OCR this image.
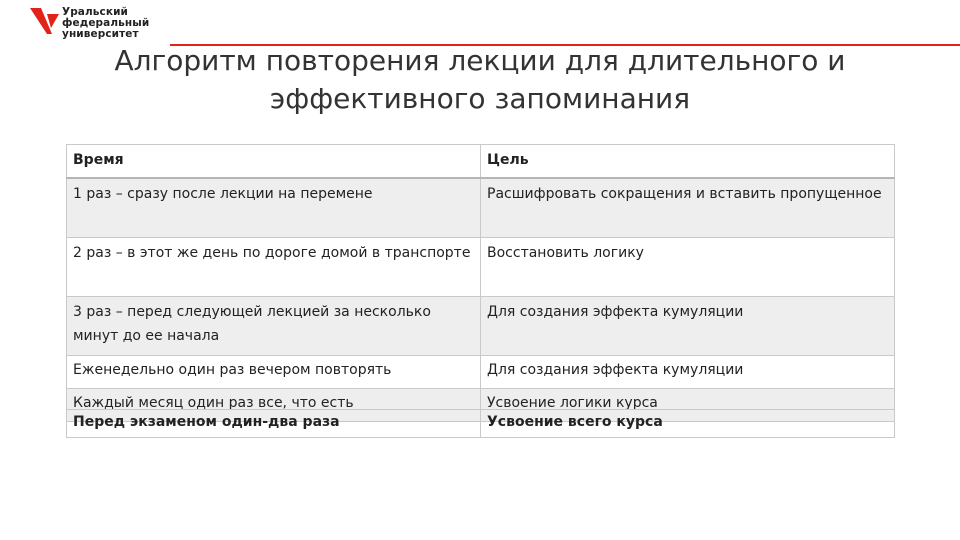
Уральский
федеральный
университет
Алгоритм повторения лекции для длительного и
эффективного запоминания
Время	Цель
1 раз – сразу после лекции на перемене	Расшифровать сокращения и вставить пропущенное
2 раз – в этот же день по дороге домой в транспорте	Восстановить логику
3 раз – перед следующей лекцией за несколько минут до ее начала	Для создания эффекта кумуляции
Еженедельно один раз вечером повторять	Для создания эффекта кумуляции
Каждый месяц один раз все, что есть	Усвоение логики курса
Перед экзаменом один-два раза	Усвоение всего курса
